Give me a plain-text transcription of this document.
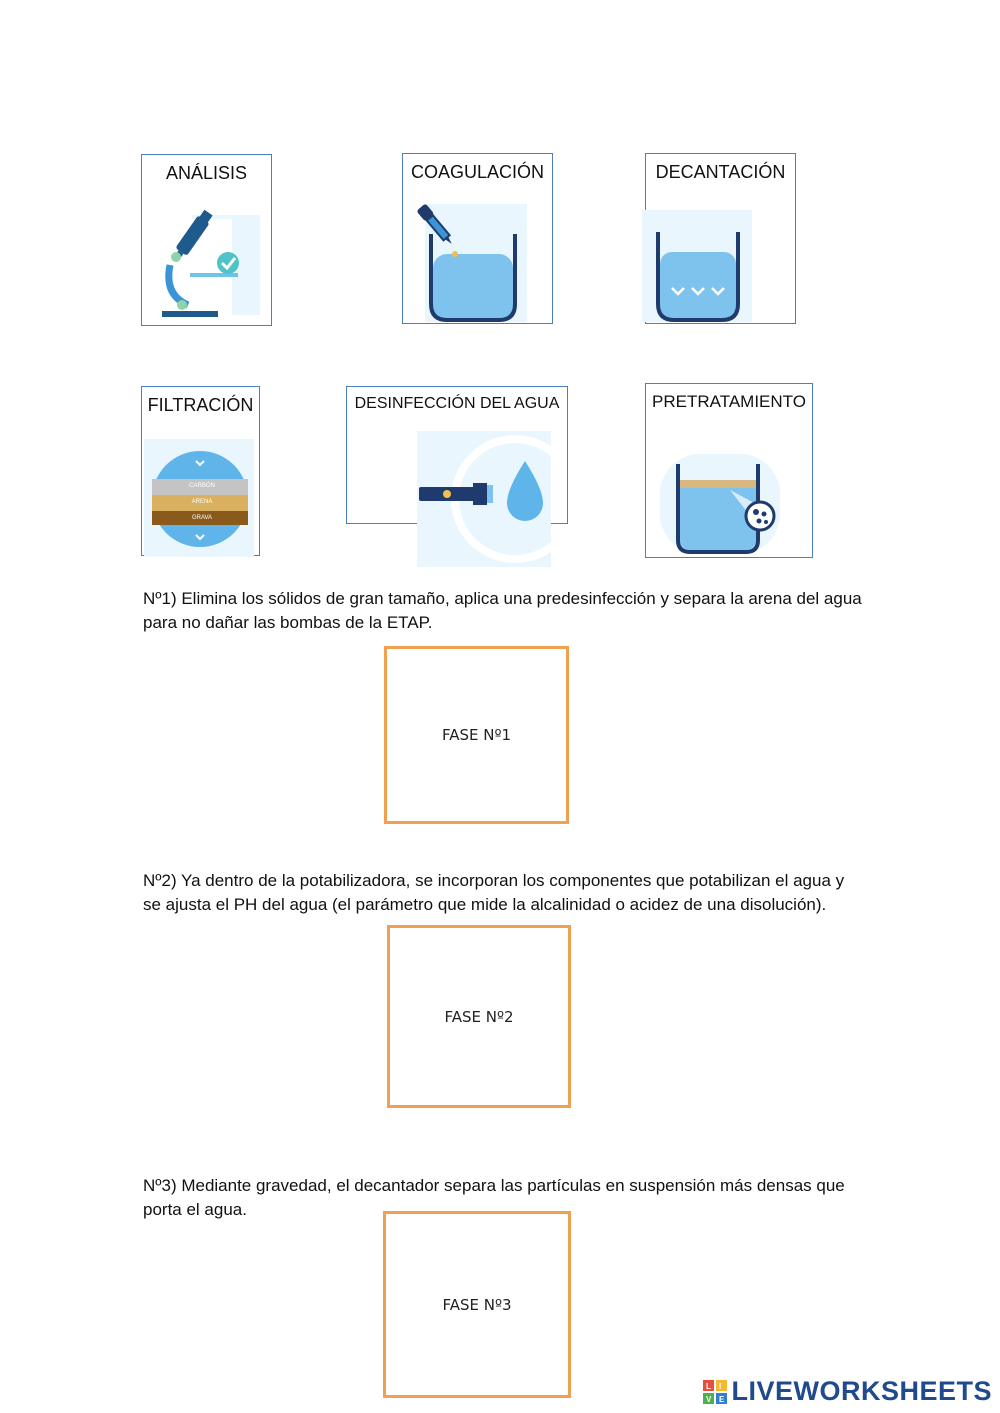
ANÁLISIS	COAGULACIÓN	DECANTACIÓN
FILTRACIÓN
CARBÓN
ARENA
GRAVA
DESINFECCIÓN DEL AGUA	PRETRATAMIENTO
Nº1) Elimina los sólidos de gran tamaño, aplica una predesinfección y separa la arena del agua para no dañar las bombas de la ETAP.
FASE Nº1
Nº2) Ya dentro de la potabilizadora, se incorporan los componentes que potabilizan el agua y se ajusta el PH del agua (el parámetro que mide la alcalinidad o acidez de una disolución).
FASE Nº2
Nº3) Mediante gravedad, el decantador separa las partículas en suspensión más densas que porta el agua.
FASE Nº3
L I
V E LIVEWORKSHEETS
